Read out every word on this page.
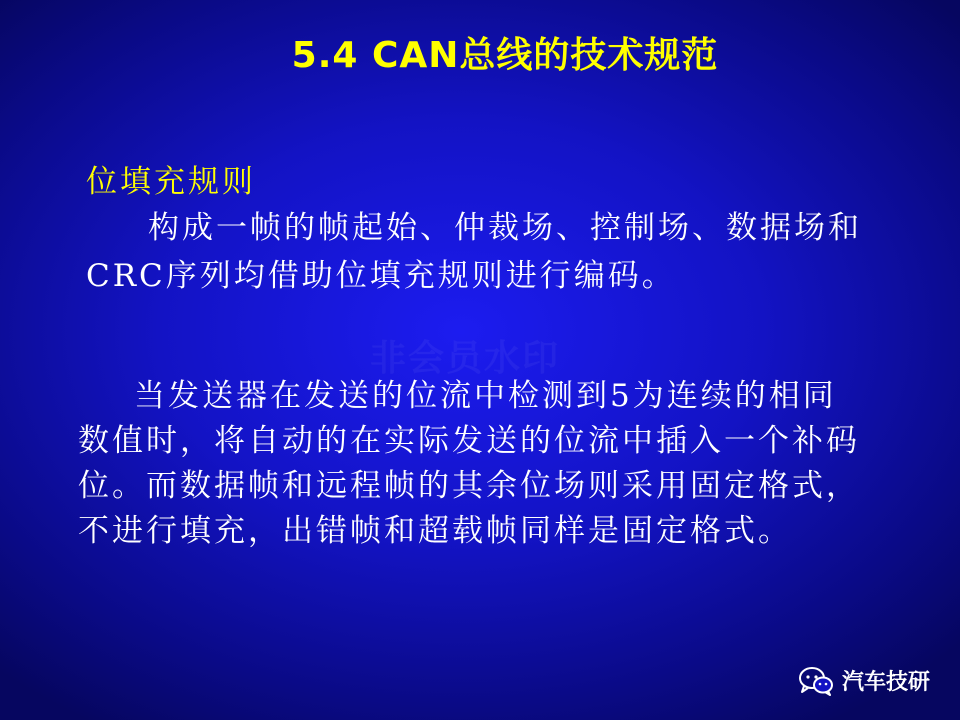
5.4 CAN总线的技术规范
位填充规则

构成一帧的帧起始、仲裁场、控制场、数据场和CRC序列均借助位填充规则进行编码。

非会员水印

当发送器在发送的位流中检测到5为连续的相同数值时，将自动的在实际发送的位流中插入一个补码位。而数据帧和远程帧的其余位场则采用固定格式，不进行填充，出错帧和超载帧同样是固定格式。

汽车技研
